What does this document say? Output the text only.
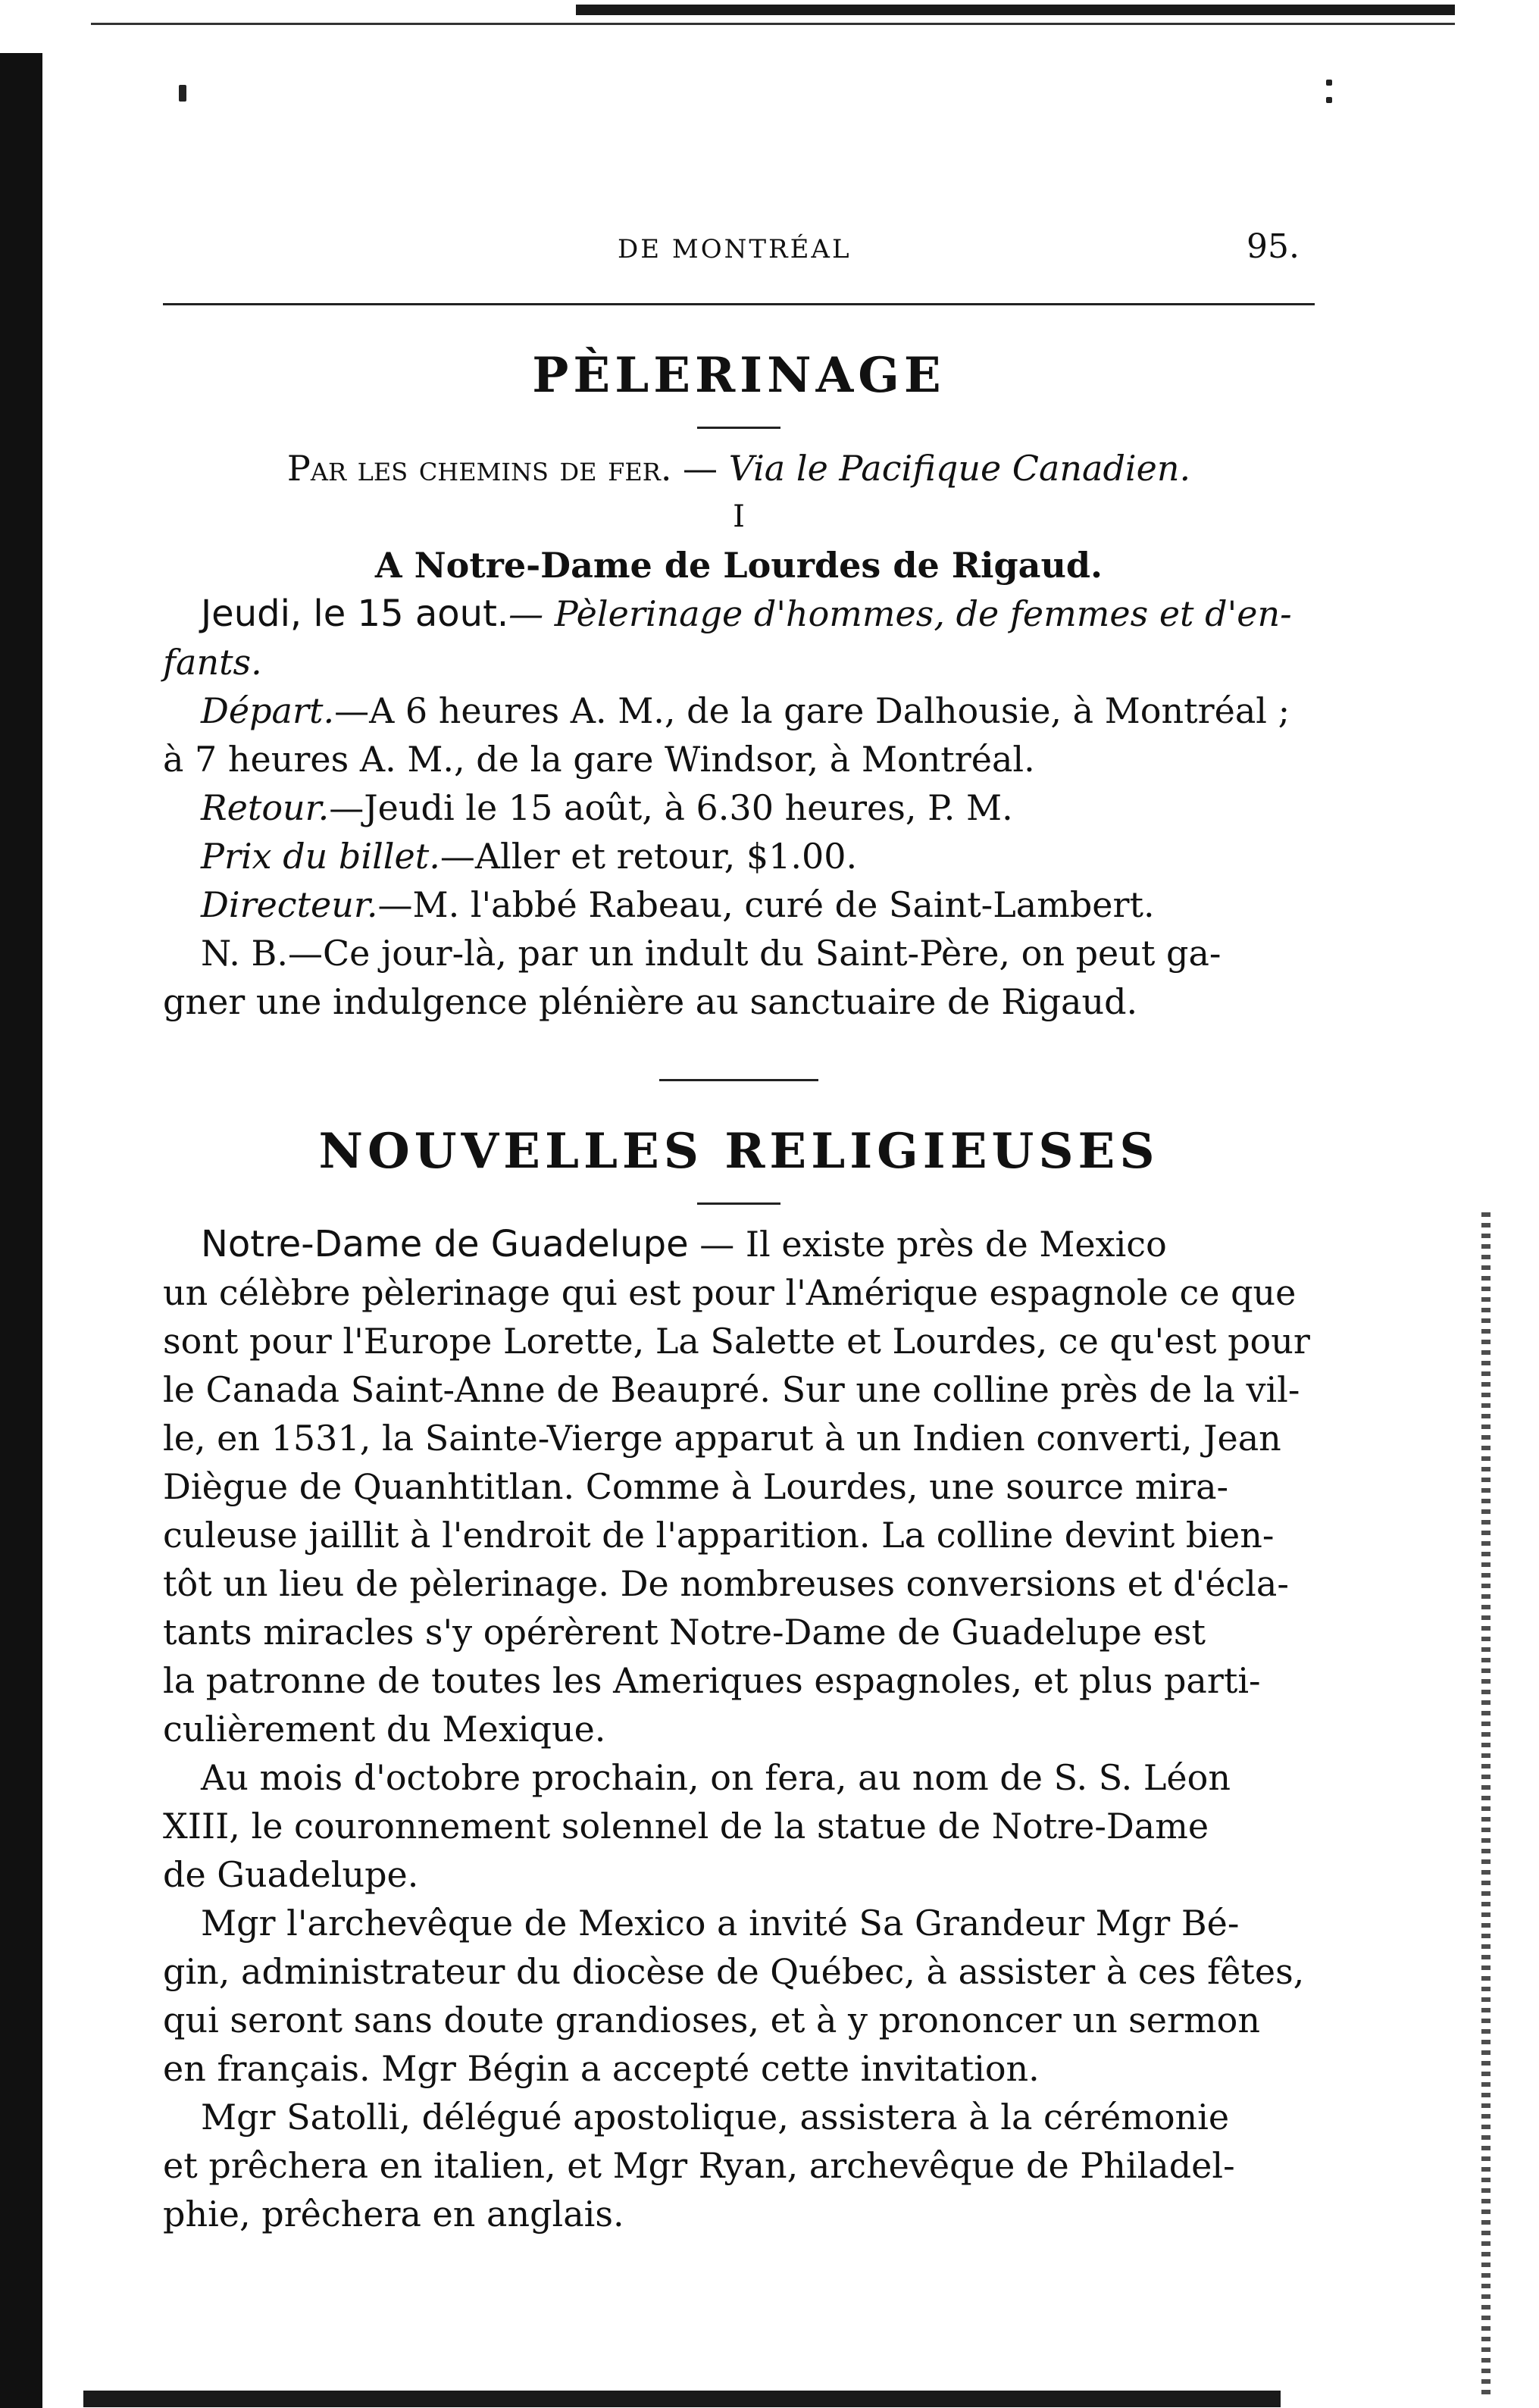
DE MONTRÉAL	95.
PÈLERINAGE
Par les chemins de fer. — Via le Pacifique Canadien.
I
A Notre-Dame de Lourdes de Rigaud.
Jeudi, le 15 aout.— Pèlerinage d'hommes, de femmes et d'en-
fants.
Départ.—A 6 heures A. M., de la gare Dalhousie, à Montréal ;
à 7 heures A. M., de la gare Windsor, à Montréal.
Retour.—Jeudi le 15 août, à 6.30 heures, P. M.
Prix du billet.—Aller et retour, $1.00.
Directeur.—M. l'abbé Rabeau, curé de Saint-Lambert.
N. B.—Ce jour-là, par un indult du Saint-Père, on peut ga-
gner une indulgence plénière au sanctuaire de Rigaud.
NOUVELLES RELIGIEUSES
Notre-Dame de Guadelupe — Il existe près de Mexico
un célèbre pèlerinage qui est pour l'Amérique espagnole ce que
sont pour l'Europe Lorette, La Salette et Lourdes, ce qu'est pour
le Canada Saint-Anne de Beaupré. Sur une colline près de la vil-
le, en 1531, la Sainte-Vierge apparut à un Indien converti, Jean
Diègue de Quanhtitlan. Comme à Lourdes, une source mira-
culeuse jaillit à l'endroit de l'apparition. La colline devint bien-
tôt un lieu de pèlerinage. De nombreuses conversions et d'écla-
tants miracles s'y opérèrent Notre-Dame de Guadelupe est
la patronne de toutes les Ameriques espagnoles, et plus parti-
culièrement du Mexique.
Au mois d'octobre prochain, on fera, au nom de S. S. Léon
XIII, le couronnement solennel de la statue de Notre-Dame
de Guadelupe.
Mgr l'archevêque de Mexico a invité Sa Grandeur Mgr Bé-
gin, administrateur du diocèse de Québec, à assister à ces fêtes,
qui seront sans doute grandioses, et à y prononcer un sermon
en français. Mgr Bégin a accepté cette invitation.
Mgr Satolli, délégué apostolique, assistera à la cérémonie
et prêchera en italien, et Mgr Ryan, archevêque de Philadel-
phie, prêchera en anglais.
